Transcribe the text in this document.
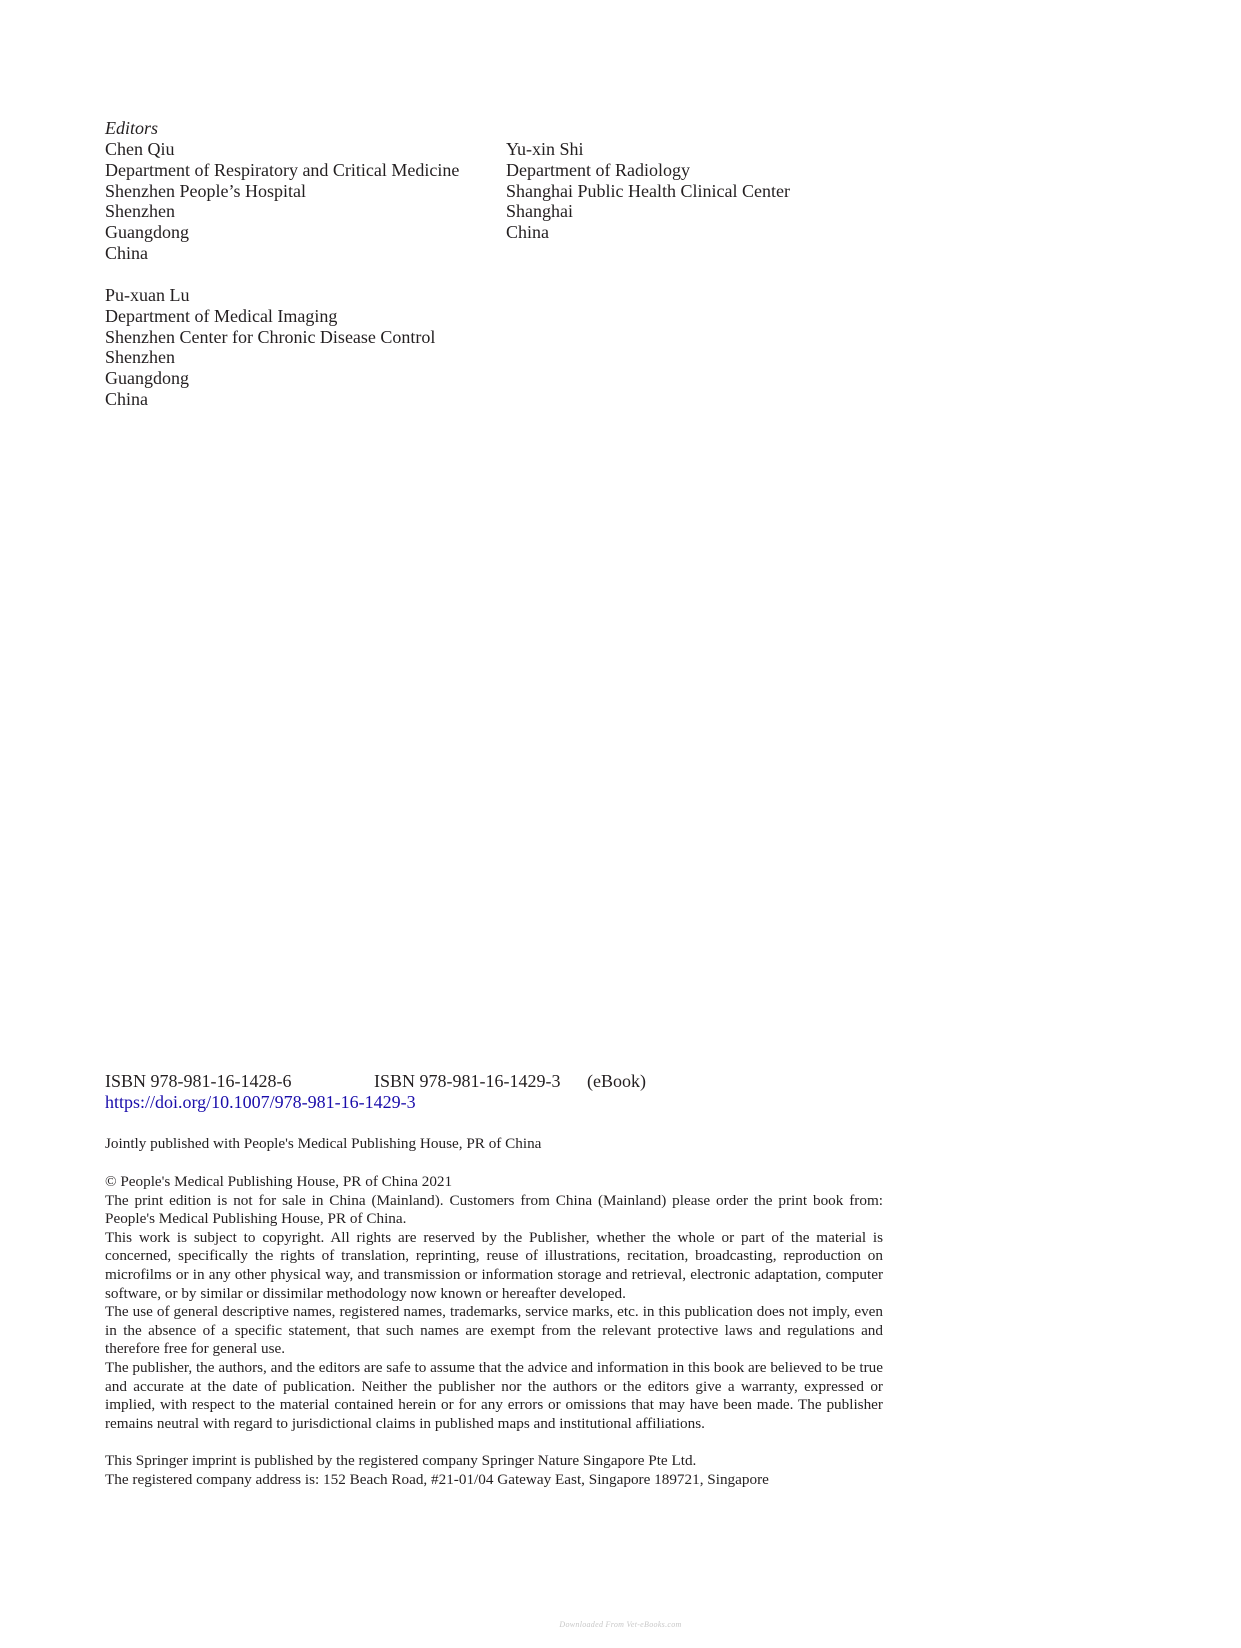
Editors
Chen Qiu
Department of Respiratory and Critical Medicine
Shenzhen People’s Hospital
Shenzhen
Guangdong
China
Pu-xuan Lu
Department of Medical Imaging
Shenzhen Center for Chronic Disease Control
Shenzhen
Guangdong
China
Yu-xin Shi
Department of Radiology
Shanghai Public Health Clinical Center
Shanghai
China
ISBN 978-981-16-1428-6	ISBN 978-981-16-1429-3 (eBook)
https://doi.org/10.1007/978-981-16-1429-3

Jointly published with People's Medical Publishing House, PR of China

© People's Medical Publishing House, PR of China 2021

The print edition is not for sale in China (Mainland). Customers from China (Mainland) please order the print book from: People's Medical Publishing House, PR of China.

This work is subject to copyright. All rights are reserved by the Publisher, whether the whole or part of the material is concerned, specifically the rights of translation, reprinting, reuse of illustrations, recitation, broadcasting, reproduction on microfilms or in any other physical way, and transmission or information storage and retrieval, electronic adaptation, computer software, or by similar or dissimilar methodology now known or hereafter developed.

The use of general descriptive names, registered names, trademarks, service marks, etc. in this publication does not imply, even in the absence of a specific statement, that such names are exempt from the relevant protective laws and regulations and therefore free for general use.

The publisher, the authors, and the editors are safe to assume that the advice and information in this book are believed to be true and accurate at the date of publication. Neither the publisher nor the authors or the editors give a warranty, expressed or implied, with respect to the material contained herein or for any errors or omissions that may have been made. The publisher remains neutral with regard to jurisdictional claims in published maps and institutional affiliations.

This Springer imprint is published by the registered company Springer Nature Singapore Pte Ltd.

The registered company address is: 152 Beach Road, #21-01/04 Gateway East, Singapore 189721, Singapore

Downloaded From Vet-eBooks.com
